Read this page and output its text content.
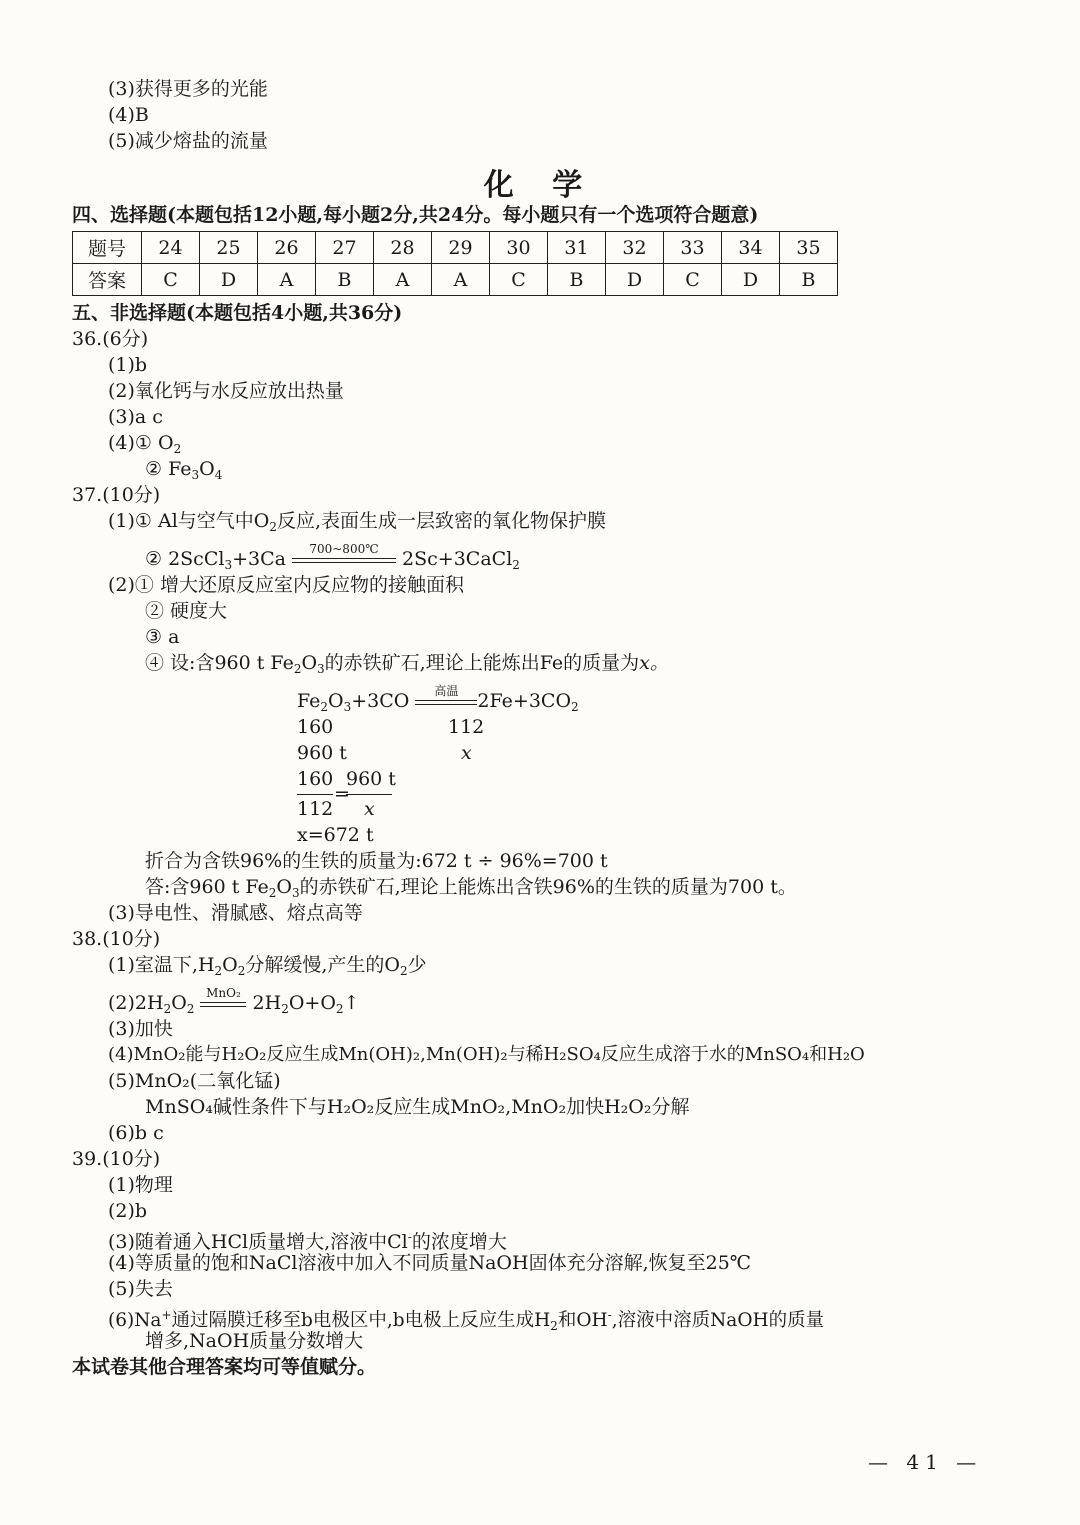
(3)获得更多的光能
(4)B
(5)减少熔盐的流量
化 学
四、选择题(本题包括12小题,每小题2分,共24分。每小题只有一个选项符合题意)
题号	24	25	26	27	28	29	30	31	32	33	34	35
答案	C	D	A	B	A	A	C	B	D	C	D	B
五、非选择题(本题包括4小题,共36分)
36.(6分)
(1)b
(2)氧化钙与水反应放出热量
(3)a c
(4)① $O_2$
② $Fe_3O_4$
37.(10分)
(1)① Al与空气中$O_2$反应,表面生成一层致密的氧化物保护膜
② 2ScCl$_3$+3Ca	700~800℃	2Sc+3CaCl$_2$
(2)① 增大还原反应室内反应物的接触面积
② 硬度大
③ a
④ 设:含960 t $Fe_2O_3$的赤铁矿石,理论上能炼出Fe的质量为x。
$Fe_2O_3+3CO$	高温	$2Fe+3CO_2$
160	112
960 t	x
160
112
=
960 t
x
x=672 t
折合为含铁96%的生铁的质量为:672 t ÷ 96%=700 t
答:含960 t $Fe_2O_3$的赤铁矿石,理论上能炼出含铁96%的生铁的质量为700 t。
(3)导电性、滑腻感、熔点高等
38.(10分)
(1)室温下$,H_2O_2$分解缓慢,产生的$O_2$少
$(2)2H_2O_2$
MnO₂ $2H_2O+O_2↑$
(3)加快
(4)MnO₂能与H₂O₂反应生成Mn(OH)₂,Mn(OH)₂与稀H₂SO₄反应生成溶于水的MnSO₄和H₂O
(5)MnO₂(二氧化锰)
MnSO₄碱性条件下与H₂O₂反应生成MnO₂,MnO₂加快H₂O₂分解
(6)b c
39.(10分)
(1)物理
(2)b
(3)随着通入HCl质量增大,溶液中Cl-的浓度增大
(4)等质量的饱和NaCl溶液中加入不同质量NaOH固体充分溶解,恢复至25℃
(5)失去
(6)Na+通过隔膜迁移至b电极区中,b电极上反应生成$H_2$和OH-,溶液中溶质NaOH的质量
增多,NaOH质量分数增大
本试卷其他合理答案均可等值赋分。
— 41 —
